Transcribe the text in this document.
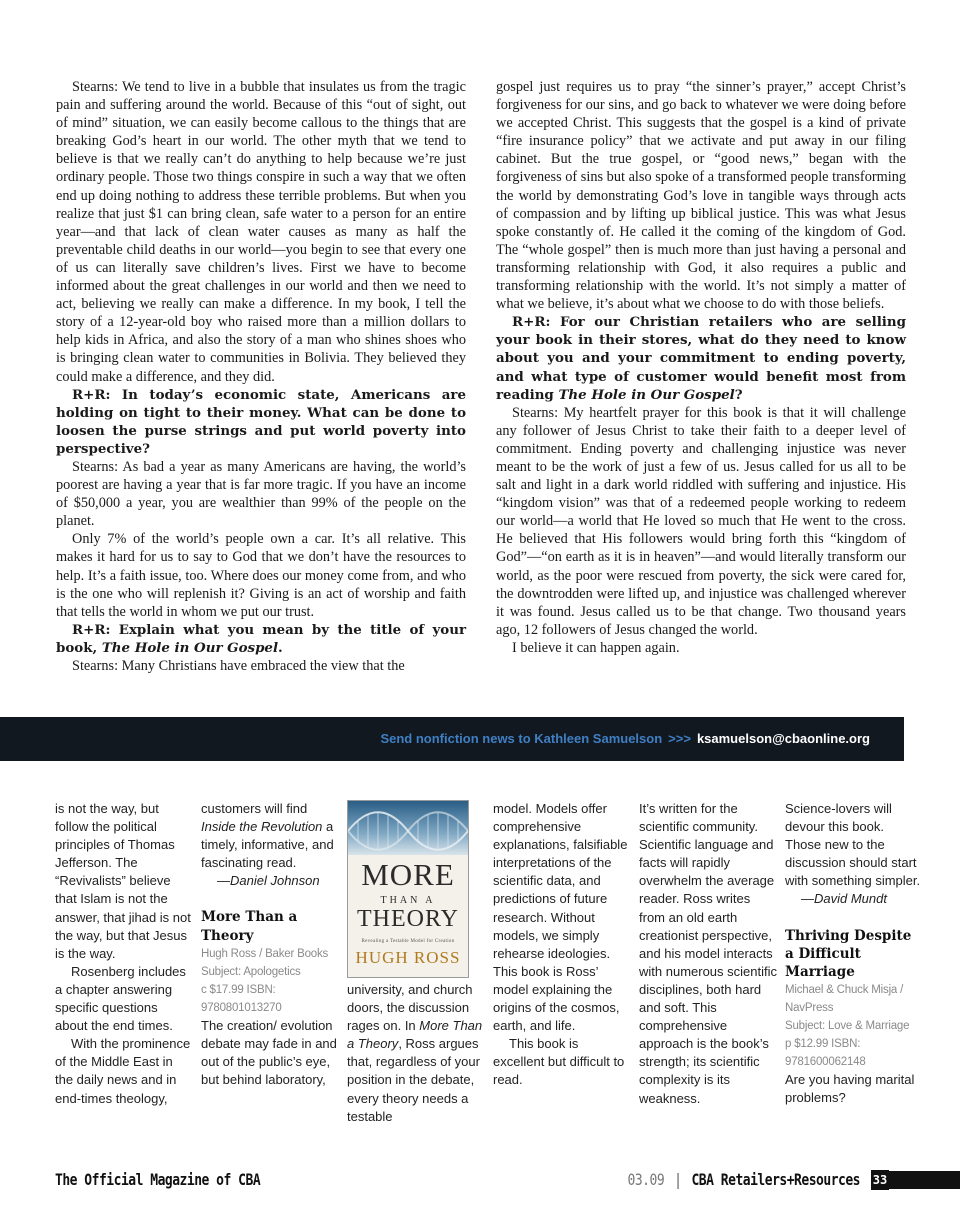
Stearns: We tend to live in a bubble that insulates us from the tragic pain and suffering around the world. Because of this “out of sight, out of mind” situation, we can easily become callous to the things that are breaking God’s heart in our world. The other myth that we tend to believe is that we really can’t do anything to help because we’re just ordinary people. Those two things conspire in such a way that we often end up doing nothing to address these terrible problems. But when you realize that just $1 can bring clean, safe water to a person for an entire year—and that lack of clean water causes as many as half the preventable child deaths in our world—you begin to see that every one of us can literally save children’s lives. First we have to become informed about the great challenges in our world and then we need to act, believing we really can make a difference. In my book, I tell the story of a 12-year-old boy who raised more than a million dollars to help kids in Africa, and also the story of a man who shines shoes who is bringing clean water to communities in Bolivia. They believed they could make a difference, and they did.

R+R: In today’s economic state, Americans are holding on tight to their money. What can be done to loosen the purse strings and put world poverty into perspective?

Stearns: As bad a year as many Americans are having, the world’s poorest are having a year that is far more tragic. If you have an income of $50,000 a year, you are wealthier than 99% of the people on the planet.

Only 7% of the world’s people own a car. It’s all relative. This makes it hard for us to say to God that we don’t have the resources to help. It’s a faith issue, too. Where does our money come from, and who is the one who will replenish it? Giving is an act of worship and faith that tells the world in whom we put our trust.

R+R: Explain what you mean by the title of your book, The Hole in Our Gospel.

Stearns: Many Christians have embraced the view that the

gospel just requires us to pray “the sinner’s prayer,” accept Christ’s forgiveness for our sins, and go back to whatever we were doing before we accepted Christ. This suggests that the gospel is a kind of private “fire insurance policy” that we activate and put away in our filing cabinet. But the true gospel, or “good news,” began with the forgiveness of sins but also spoke of a transformed people transforming the world by demonstrating God’s love in tangible ways through acts of compassion and by lifting up biblical justice. This was what Jesus spoke constantly of. He called it the coming of the kingdom of God. The “whole gospel” then is much more than just having a personal and transforming relationship with God, it also requires a public and transforming relationship with the world. It’s not simply a matter of what we believe, it’s about what we choose to do with those beliefs.

R+R: For our Christian retailers who are selling your book in their stores, what do they need to know about you and your commitment to ending poverty, and what type of customer would benefit most from reading The Hole in Our Gospel?

Stearns: My heartfelt prayer for this book is that it will challenge any follower of Jesus Christ to take their faith to a deeper level of commitment. Ending poverty and challenging injustice was never meant to be the work of just a few of us. Jesus called for us all to be salt and light in a dark world riddled with suffering and injustice. His “kingdom vision” was that of a redeemed people working to redeem our world—a world that He loved so much that He went to the cross. He believed that His followers would bring forth this “kingdom of God”—“on earth as it is in heaven”—and would literally transform our world, as the poor were rescued from poverty, the sick were cared for, the downtrodden were lifted up, and injustice was challenged wherever it was found. Jesus called us to be that change. Two thousand years ago, 12 followers of Jesus changed the world.

I believe it can happen again.

Send nonfiction news to Kathleen Samuelson >>> ksamuelson@cbaonline.org

is not the way, but follow the political principles of Thomas Jefferson. The “Revivalists” believe that Islam is not the answer, that jihad is not the way, but that Jesus is the way.

Rosenberg includes a chapter answering specific questions about the end times.

With the prominence of the Middle East in the daily news and in end-times theology,

customers will find Inside the Revolution a timely, informative, and fascinating read.

—Daniel Johnson

More Than a Theory

Hugh Ross / Baker Books

Subject: Apologetics

c $17.99 ISBN: 9780801013270

The creation/ evolution debate may fade in and out of the public’s eye, but behind laboratory,

MORE
THAN A
THEORY
Revealing a Testable Model for Creation
HUGH ROSS

university, and church doors, the discussion rages on. In More Than a Theory, Ross argues that, regardless of your position in the debate, every theory needs a testable

model. Models offer comprehensive explanations, falsifiable interpretations of the scientific data, and predictions of future research. Without models, we simply rehearse ideologies. This book is Ross’ model explaining the origins of the cosmos, earth, and life.

This book is excellent but difficult to read.

It’s written for the scientific community. Scientific language and facts will rapidly overwhelm the average reader. Ross writes from an old earth creationist perspective, and his model interacts with numerous scientific disciplines, both hard and soft. This comprehensive approach is the book’s strength; its scientific complexity is its weakness.

Science-lovers will devour this book. Those new to the discussion should start with something simpler.

—David Mundt

Thriving Despite a Difficult Marriage

Michael & Chuck Misja / NavPress

Subject: Love & Marriage

p $12.99 ISBN: 9781600062148

Are you having marital problems?

The Official Magazine of CBA	03.09 | CBA Retailers+Resources 33
